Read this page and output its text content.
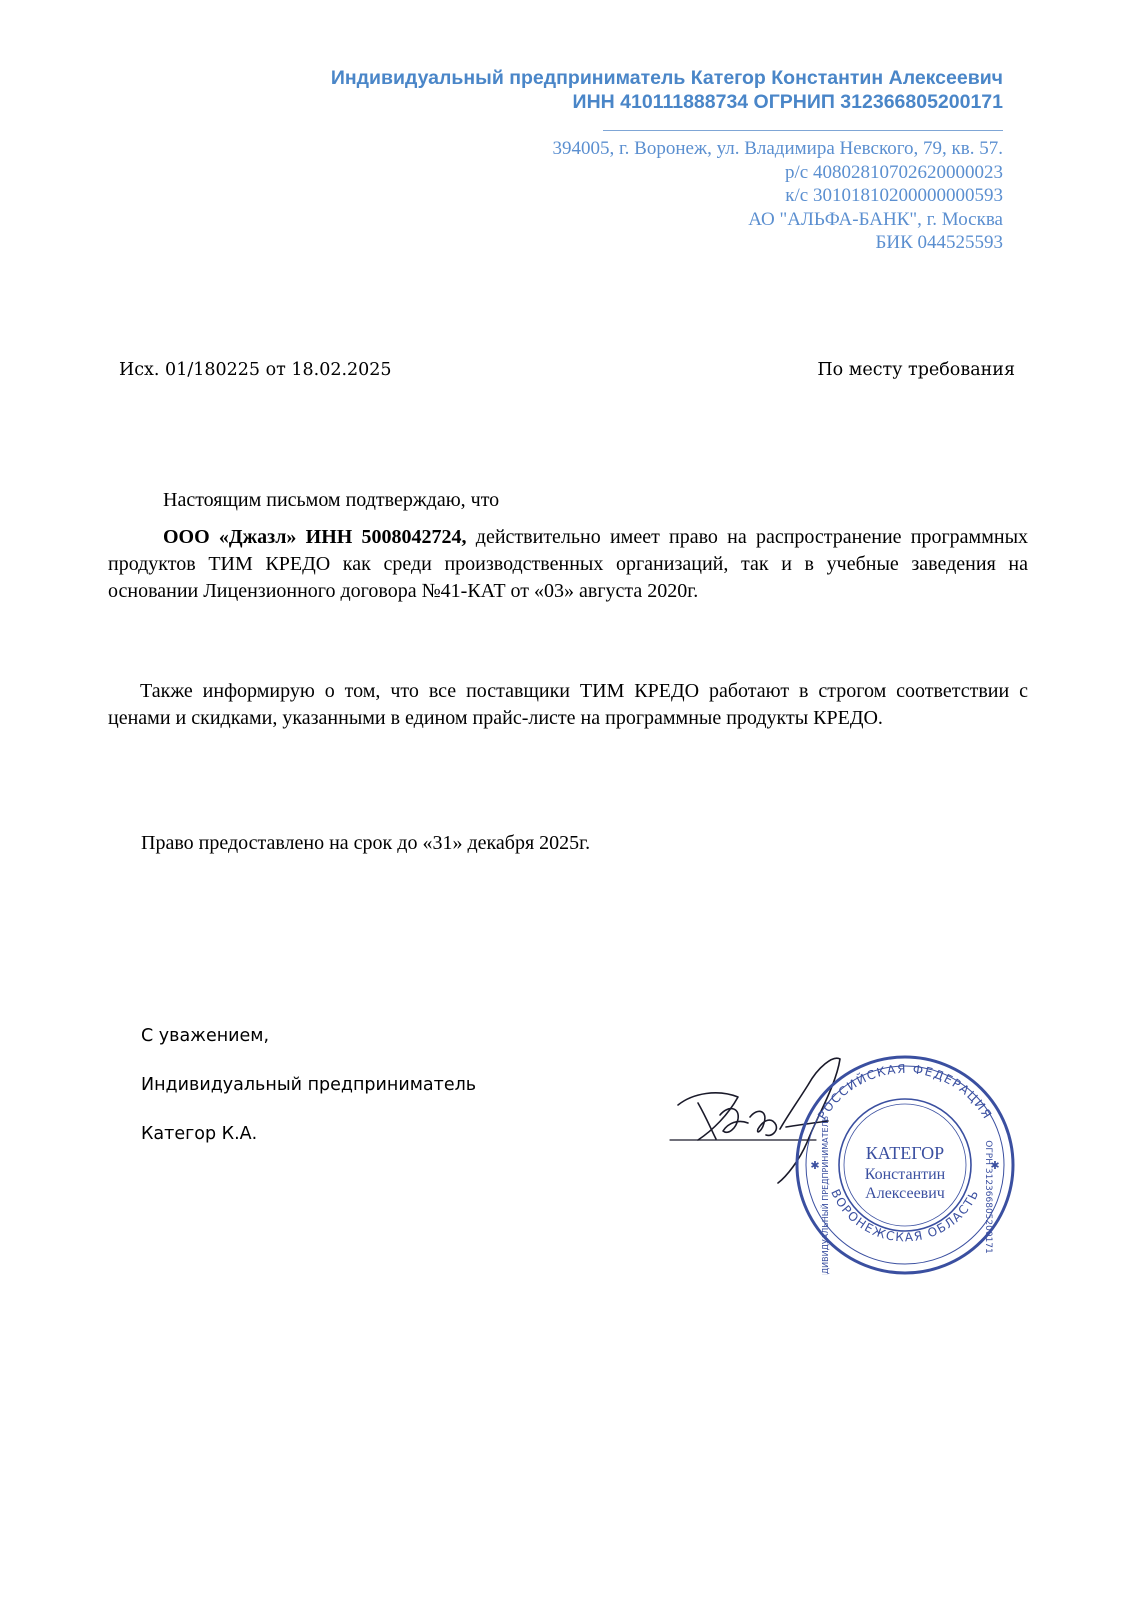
Индивидуальный предприниматель Категор Константин Алексеевич
ИНН 410111888734 ОГРНИП 312366805200171
394005, г. Воронеж, ул. Владимира Невского, 79, кв. 57.
р/с 40802810702620000023
к/с 30101810200000000593
АО "АЛЬФА-БАНК", г. Москва
БИК 044525593
Исх. 01/180225 от 18.02.2025	По месту требования
Настоящим письмом подтверждаю, что
ООО «Джазл» ИНН 5008042724, действительно имеет право на распространение программных продуктов ТИМ КРЕДО как среди производственных организаций, так и в учебные заведения на основании Лицензионного договора №41-КАТ от «03» августа 2020г.
Также информирую о том, что все поставщики ТИМ КРЕДО работают в строгом соответствии с ценами и скидками, указанными в едином прайс-листе на программные продукты КРЕДО.
Право предоставлено на срок до «31» декабря 2025г.
С уважением,
Индивидуальный предприниматель
Категор К.А.
РОССИЙСКАЯ ФЕДЕРАЦИЯ
ВОРОНЕЖСКАЯ ОБЛАСТЬ ОГРН 312366805200171
ИНДИВИДУАЛЬНЫЙ ПРЕДПРИНИМАТЕЛЬ
✱	✱
КАТЕГОР
Константин
Алексеевич
